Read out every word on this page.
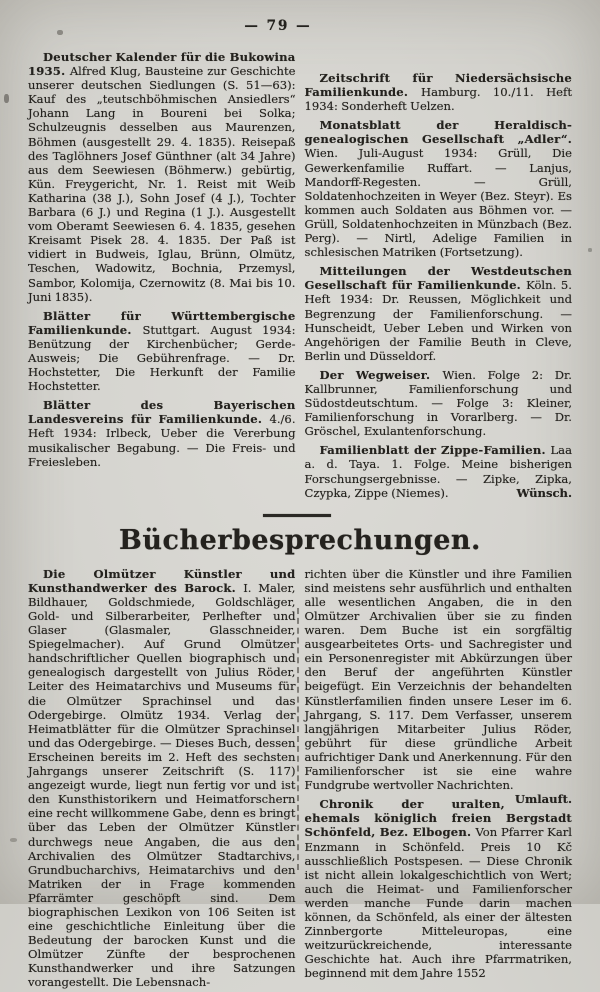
— 79 —

Deutscher Kalender für die Bukowina 1935. Alfred Klug, Bausteine zur Geschichte unserer deutschen Siedlungen (S. 51—63): Kauf des „teutschböhmischen Ansiedlers“ Johann Lang in Boureni bei Solka; Schulzeugnis desselben aus Maurenzen, Böhmen (ausgestellt 29. 4. 1835). Reisepaß des Taglöhners Josef Günthner (alt 34 Jahre) aus dem Seewiesen (Böhmerw.) gebürtig, Kün. Freygericht, Nr. 1. Reist mit Weib Katharina (38 J.), Sohn Josef (4 J.), Tochter Barbara (6 J.) und Regina (1 J.). Ausgestellt vom Oberamt Seewiesen 6. 4. 1835, gesehen Kreisamt Pisek 28. 4. 1835. Der Paß ist vidiert in Budweis, Iglau, Brünn, Olmütz, Teschen, Wadowitz, Bochnia, Przemysl, Sambor, Kolomija, Czernowitz (8. Mai bis 10. Juni 1835).

Blätter für Württembergische Familienkunde. Stuttgart. August 1934: Benützung der Kirchenbücher; Gerde-Ausweis; Die Gebührenfrage. — Dr. Hochstetter, Die Herkunft der Familie Hochstetter.

Blätter des Bayerischen Landesvereins für Familienkunde. 4./6. Heft 1934: Irlbeck, Ueber die Vererbung musikalischer Begabung. — Die Freis- und Freiesleben.

Zeitschrift für Niedersächsische Familienkunde. Hamburg. 10./11. Heft 1934: Sonderheft Uelzen.

Monatsblatt der Heraldisch-genealogischen Gesellschaft „Adler“. Wien. Juli-August 1934: Grüll, Die Gewerkenfamilie Ruffart. — Lanjus, Mandorff-Regesten. — Grüll, Soldatenhochzeiten in Weyer (Bez. Steyr). Es kommen auch Soldaten aus Böhmen vor. — Grüll, Soldatenhochzeiten in Münzbach (Bez. Perg). — Nirtl, Adelige Familien in schlesischen Matriken (Fortsetzung).

Mitteilungen der Westdeutschen Gesellschaft für Familienkunde. Köln. 5. Heft 1934: Dr. Reussen, Möglichkeit und Begrenzung der Familienforschung. — Hunscheidt, Ueber Leben und Wirken von Angehörigen der Familie Beuth in Cleve, Berlin und Düsseldorf.

Der Wegweiser. Wien. Folge 2: Dr. Kallbrunner, Familienforschung und Südostdeutschtum. — Folge 3: Kleiner, Familienforschung in Vorarlberg. — Dr. Gröschel, Exulantenforschung.

Familienblatt der Zippe-Familien. Laa a. d. Taya. 1. Folge. Meine bisherigen Forschungsergebnisse. — Zipke, Zipka, Czypka, Zippe (Niemes).	Wünsch.

Bücherbesprechungen.

Die Olmützer Künstler und Kunsthandwerker des Barock. I. Maler, Bildhauer, Goldschmiede, Goldschläger, Gold- und Silberarbeiter, Perlhefter und Glaser (Glasmaler, Glasschneider, Spiegelmacher). Auf Grund Olmützer handschriftlicher Quellen biographisch und genealogisch dargestellt von Julius Röder, Leiter des Heimatarchivs und Museums für die Olmützer Sprachinsel und das Odergebirge. Olmütz 1934. Verlag der Heimatblätter für die Olmützer Sprachinsel und das Odergebirge. — Dieses Buch, dessen Erscheinen bereits im 2. Heft des sechsten Jahrgangs unserer Zeitschrift (S. 117) angezeigt wurde, liegt nun fertig vor und ist den Kunsthistorikern und Heimatforschern eine recht willkommene Gabe, denn es bringt über das Leben der Olmützer Künstler durchwegs neue Angaben, die aus den Archivalien des Olmützer Stadtarchivs, Grundbucharchivs, Heimatarchivs und den Matriken der in Frage kommenden Pfarrämter geschöpft sind. Dem biographischen Lexikon von 106 Seiten ist eine geschichtliche Einleitung über die Bedeutung der barocken Kunst und die Olmützer Zünfte der besprochenen Kunsthandwerker und ihre Satzungen vorangestellt. Die Lebensnach-

richten über die Künstler und ihre Familien sind meistens sehr ausführlich und enthalten alle wesentlichen Angaben, die in den Olmützer Archivalien über sie zu finden waren. Dem Buche ist ein sorgfältig ausgearbeitetes Orts- und Sachregister und ein Personenregister mit Abkürzungen über den Beruf der angeführten Künstler beigefügt. Ein Verzeichnis der behandelten Künstlerfamilien finden unsere Leser im 6. Jahrgang, S. 117. Dem Verfasser, unserem langjährigen Mitarbeiter Julius Röder, gebührt für diese gründliche Arbeit aufrichtiger Dank und Anerkennung. Für den Familienforscher ist sie eine wahre Fundgrube wertvoller Nachrichten.
Umlauft.

Chronik der uralten, ehemals königlich freien Bergstadt Schönfeld, Bez. Elbogen. Von Pfarrer Karl Enzmann in Schönfeld. Preis 10 Kč ausschließlich Postspesen. — Diese Chronik ist nicht allein lokalgeschichtlich von Wert; auch die Heimat- und Familienforscher werden manche Funde darin machen können, da Schönfeld, als einer der ältesten Zinnbergorte Mitteleuropas, eine weitzurückreichende, interessante Geschichte hat. Auch ihre Pfarrmatriken, beginnend mit dem Jahre 1552
